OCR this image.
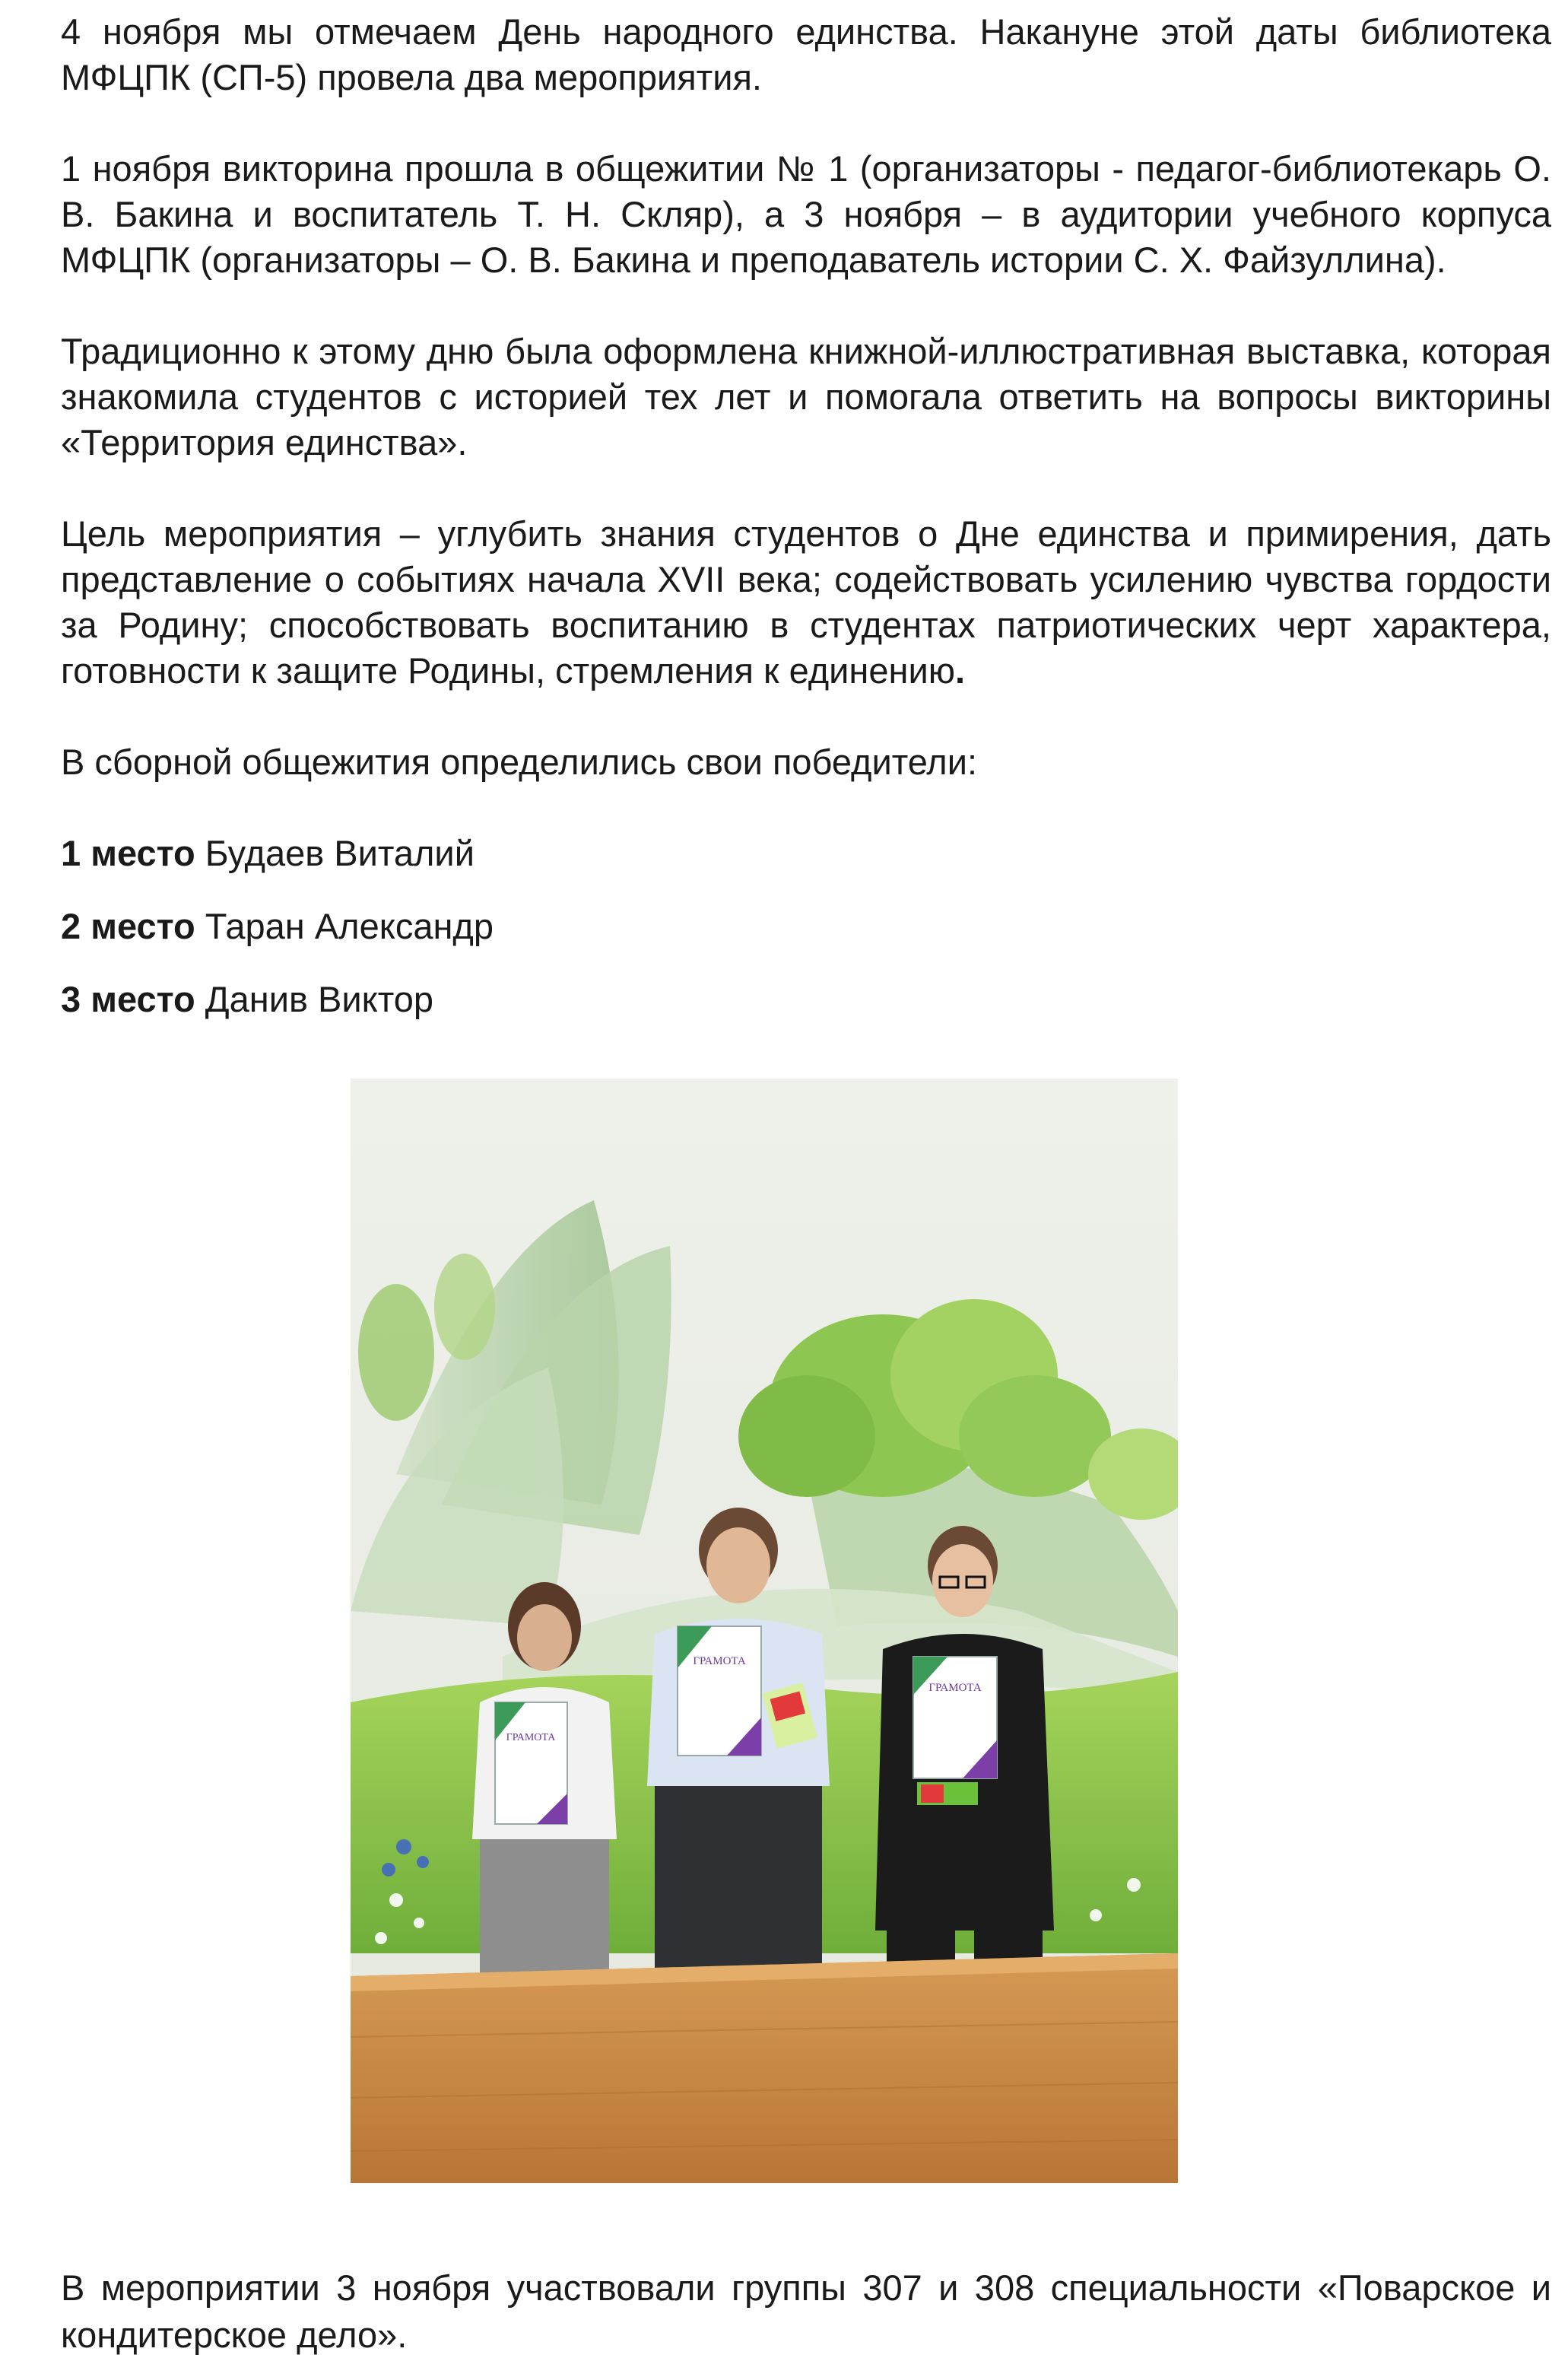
4 ноября мы отмечаем День народного единства. Накануне этой даты библиотека МФЦПК (СП-5) провела два мероприятия.

1 ноября викторина прошла в общежитии № 1 (организаторы - педагог-библиотекарь О. В. Бакина и воспитатель Т. Н. Скляр), а 3 ноября – в аудитории учебного корпуса МФЦПК (организаторы – О. В. Бакина и преподаватель истории С. Х. Файзуллина).

Традиционно к этому дню была оформлена книжной-иллюстративная выставка, которая знакомила студентов с историей тех лет и помогала ответить на вопросы викторины «Территория единства».

Цель мероприятия – углубить знания студентов о Дне единства и примирения, дать представление о событиях начала XVII века; содействовать усилению чувства гордости за Родину; способствовать воспитанию в студентах патриотических черт характера, готовности к защите Родины, стремления к единению.

В сборной общежития определились свои победители:

1 место Будаев Виталий

2 место Таран Александр

3 место Данив Виктор

ГРАМОТА
ГРАМОТА
ГРАМОТА

В мероприятии 3 ноября участвовали группы 307 и 308 специальности «Поварское и кондитерское дело».
